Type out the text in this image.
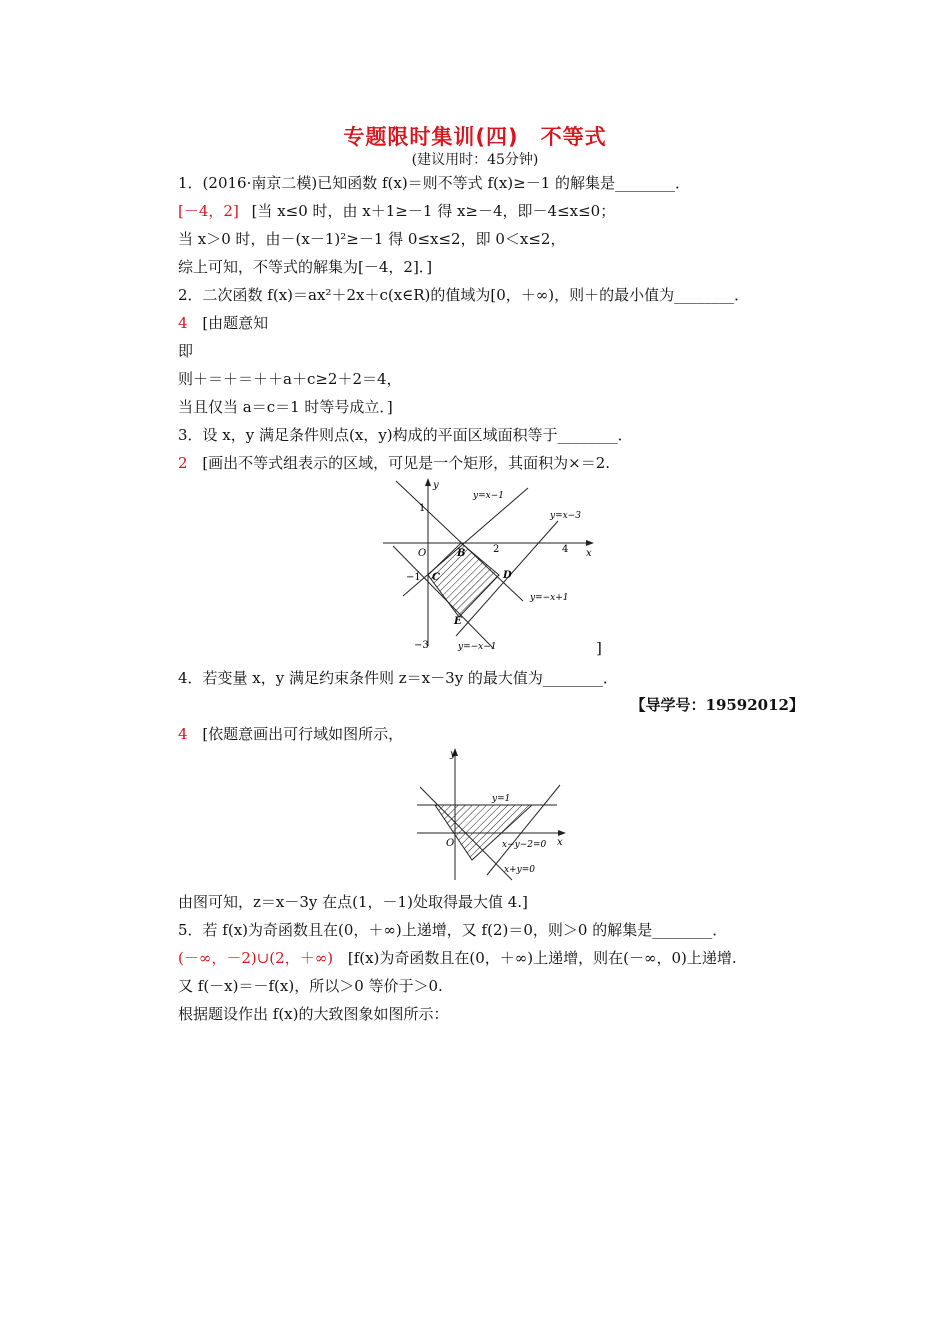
专题限时集训(四)　不等式
(建议用时：45分钟)
1．(2016·南京二模)已知函数 f(x)＝则不等式 f(x)≥－1 的解集是________．
[－4，2] [当 x≤0 时，由 x＋1≥－1 得 x≥－4，即－4≤x≤0；
当 x＞0 时，由－(x－1)²≥－1 得 0≤x≤2，即 0＜x≤2，
综上可知，不等式的解集为[－4，2]．]
2．二次函数 f(x)＝ax²＋2x＋c(x∈R)的值域为[0，＋∞)，则＋的最小值为________．
4 [由题意知
即
则＋＝＋＝＋＋a＋c≥2＋2＝4，
当且仅当 a＝c＝1 时等号成立．]
3．设 x，y 满足条件则点(x，y)构成的平面区域面积等于________．
2 [画出不等式组表示的区域，可见是一个矩形，其面积为×＝2.
y
x
O
1
2	4
−1
−3
B
C	D
E
y=x−1
y=x−3
y=−x+1
y=−x−1	]
4．若变量 x，y 满足约束条件则 z＝x－3y 的最大值为________．
【导学号：19592012】
4 [依题意画出可行域如图所示，
y
x
O
y=1
x−y−2=0
x+y=0
由图可知，z＝x－3y 在点(1，－1)处取得最大值 4.]
5．若 f(x)为奇函数且在(0，＋∞)上递增，又 f(2)＝0，则＞0 的解集是________．
(－∞，－2)∪(2，＋∞) [f(x)为奇函数且在(0，＋∞)上递增，则在(－∞，0)上递增.
又 f(－x)＝－f(x)，所以＞0 等价于＞0.
根据题设作出 f(x)的大致图象如图所示：
